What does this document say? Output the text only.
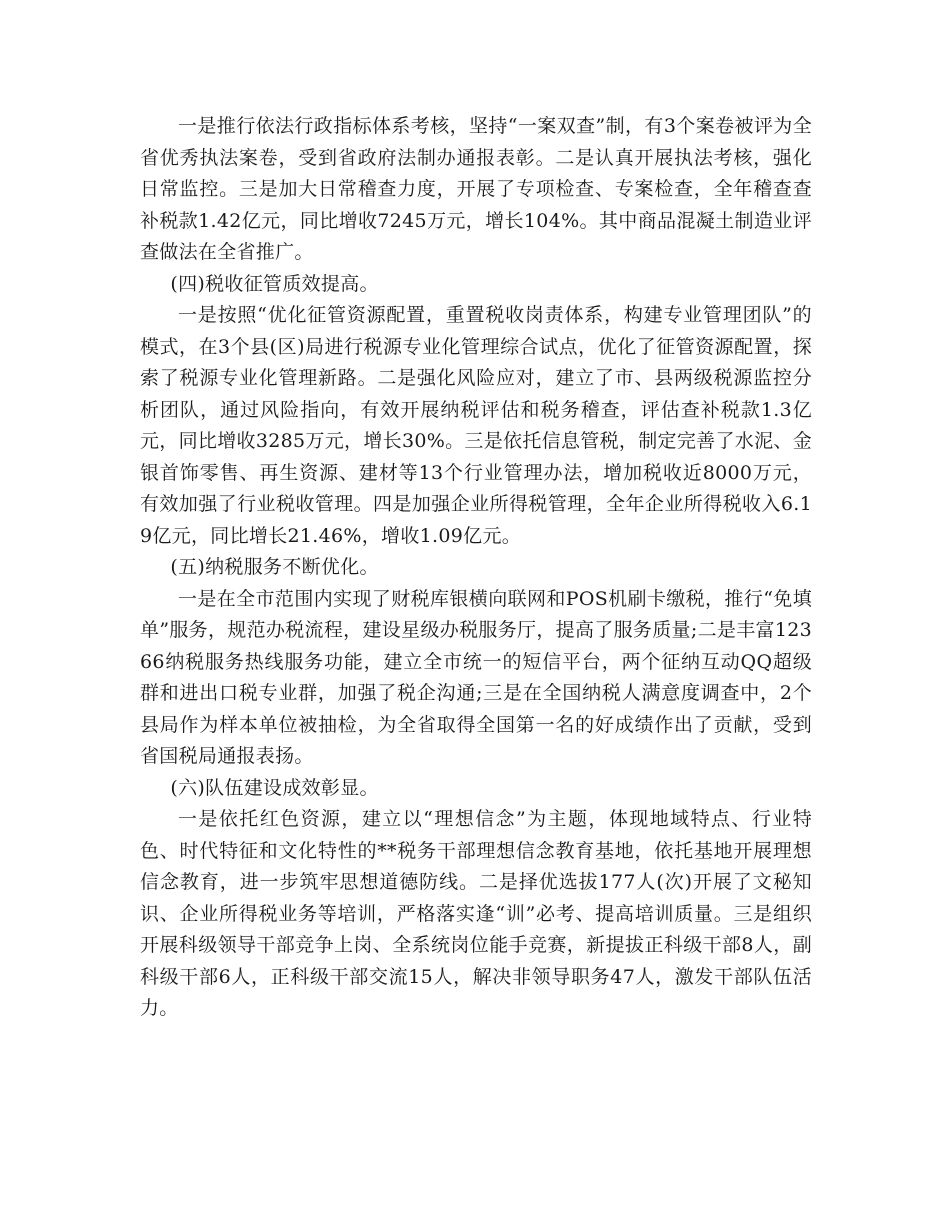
一是推行依法行政指标体系考核，坚持“一案双查”制，有3个案卷被评为全省优秀执法案卷，受到省政府法制办通报表彰。二是认真开展执法考核，强化日常监控。三是加大日常稽查力度，开展了专项检查、专案检查，全年稽查查补税款1.42亿元，同比增收7245万元，增长104%。其中商品混凝土制造业评查做法在全省推广。

(四)税收征管质效提高。

一是按照“优化征管资源配置，重置税收岗责体系，构建专业管理团队”的模式，在3个县(区)局进行税源专业化管理综合试点，优化了征管资源配置，探索了税源专业化管理新路。二是强化风险应对，建立了市、县两级税源监控分析团队，通过风险指向，有效开展纳税评估和税务稽查，评估查补税款1.3亿元，同比增收3285万元，增长30%。三是依托信息管税，制定完善了水泥、金银首饰零售、再生资源、建材等13个行业管理办法，增加税收近8000万元，有效加强了行业税收管理。四是加强企业所得税管理，全年企业所得税收入6.19亿元，同比增长21.46%，增收1.09亿元。

(五)纳税服务不断优化。

一是在全市范围内实现了财税库银横向联网和POS机刷卡缴税，推行“免填单”服务，规范办税流程，建设星级办税服务厅，提高了服务质量;二是丰富12366纳税服务热线服务功能，建立全市统一的短信平台，两个征纳互动QQ超级群和进出口税专业群，加强了税企沟通;三是在全国纳税人满意度调查中，2个县局作为样本单位被抽检，为全省取得全国第一名的好成绩作出了贡献，受到省国税局通报表扬。

(六)队伍建设成效彰显。

一是依托红色资源，建立以“理想信念”为主题，体现地域特点、行业特色、时代特征和文化特性的**税务干部理想信念教育基地，依托基地开展理想信念教育，进一步筑牢思想道德防线。二是择优选拔177人(次)开展了文秘知识、企业所得税业务等培训，严格落实逢“训”必考、提高培训质量。三是组织开展科级领导干部竞争上岗、全系统岗位能手竞赛，新提拔正科级干部8人，副科级干部6人，正科级干部交流15人，解决非领导职务47人，激发干部队伍活力。
